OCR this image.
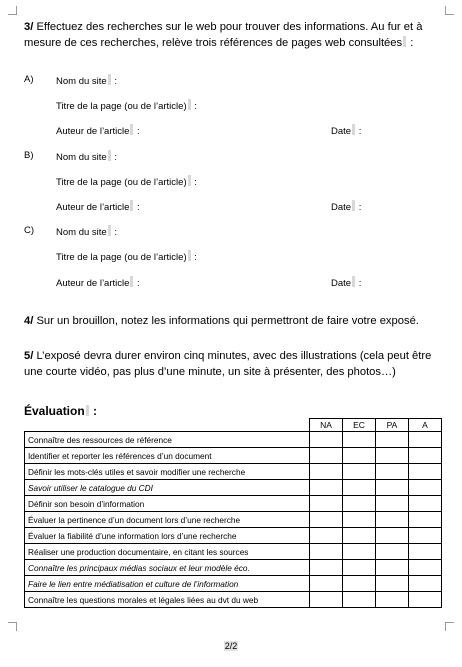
3/ Effectuez des recherches sur le web pour trouver des informations. Au fur et à mesure de ces recherches, relève trois références de pages web consultées :
A) Nom du site :
Titre de la page (ou de l’article) :
Auteur de l’article :	Date :
B) Nom du site :
Titre de la page (ou de l’article) :
Auteur de l’article :	Date :
C) Nom du site :
Titre de la page (ou de l’article) :
Auteur de l’article :	Date :
4/ Sur un brouillon, notez les informations qui permettront de faire votre exposé.
5/ L’exposé devra durer environ cinq minutes, avec des illustrations (cela peut être une courte vidéo, pas plus d’une minute, un site à présenter, des photos…)
Évaluation :
	NA	EC	PA	A
Connaître des ressources de référence				
Identifier et reporter les références d’un document				
Définir les mots-clés utiles et savoir modifier une recherche				
Savoir utiliser le catalogue du CDI				
Définir son besoin d’information				
Évaluer la pertinence d’un document lors d’une recherche				
Évaluer la fiabilité d’une information lors d’une recherche				
Réaliser une production documentaire, en citant les sources				
Connaître les principaux médias sociaux et leur modèle éco.				
Faire le lien entre médiatisation et culture de l’information				
Connaître les questions morales et légales liées au dvt du web				
2/2
